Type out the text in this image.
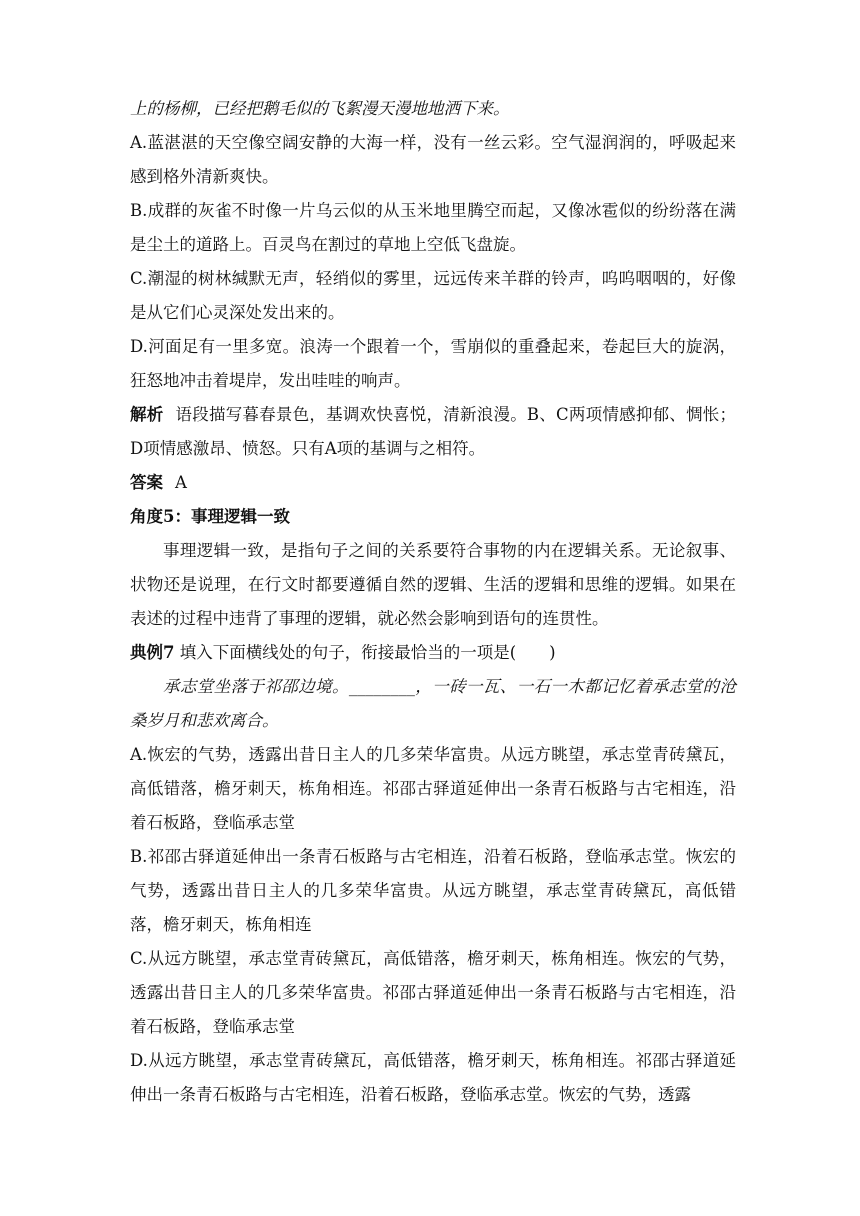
上的杨柳，已经把鹅毛似的飞絮漫天漫地地洒下来。

A.蓝湛湛的天空像空阔安静的大海一样，没有一丝云彩。空气湿润润的，呼吸起来感到格外清新爽快。

B.成群的灰雀不时像一片乌云似的从玉米地里腾空而起，又像冰雹似的纷纷落在满是尘土的道路上。百灵鸟在割过的草地上空低飞盘旋。

C.潮湿的树林缄默无声，轻绡似的雾里，远远传来羊群的铃声，呜呜咽咽的，好像是从它们心灵深处发出来的。

D.河面足有一里多宽。浪涛一个跟着一个，雪崩似的重叠起来，卷起巨大的旋涡，狂怒地冲击着堤岸，发出哇哇的响声。

解析 语段描写暮春景色，基调欢快喜悦，清新浪漫。B、C两项情感抑郁、惆怅；D项情感激昂、愤怒。只有A项的基调与之相符。

答案 A

角度5：事理逻辑一致

事理逻辑一致，是指句子之间的关系要符合事物的内在逻辑关系。无论叙事、状物还是说理，在行文时都要遵循自然的逻辑、生活的逻辑和思维的逻辑。如果在表述的过程中违背了事理的逻辑，就必然会影响到语句的连贯性。

典例7 填入下面横线处的句子，衔接最恰当的一项是(　　)

承志堂坐落于祁邵边境。________，一砖一瓦、一石一木都记忆着承志堂的沧桑岁月和悲欢离合。

A.恢宏的气势，透露出昔日主人的几多荣华富贵。从远方眺望，承志堂青砖黛瓦，高低错落，檐牙刺天，栋角相连。祁邵古驿道延伸出一条青石板路与古宅相连，沿着石板路，登临承志堂

B.祁邵古驿道延伸出一条青石板路与古宅相连，沿着石板路，登临承志堂。恢宏的气势，透露出昔日主人的几多荣华富贵。从远方眺望，承志堂青砖黛瓦，高低错落，檐牙刺天，栋角相连

C.从远方眺望，承志堂青砖黛瓦，高低错落，檐牙刺天，栋角相连。恢宏的气势，透露出昔日主人的几多荣华富贵。祁邵古驿道延伸出一条青石板路与古宅相连，沿着石板路，登临承志堂

D.从远方眺望，承志堂青砖黛瓦，高低错落，檐牙刺天，栋角相连。祁邵古驿道延伸出一条青石板路与古宅相连，沿着石板路，登临承志堂。恢宏的气势，透露
